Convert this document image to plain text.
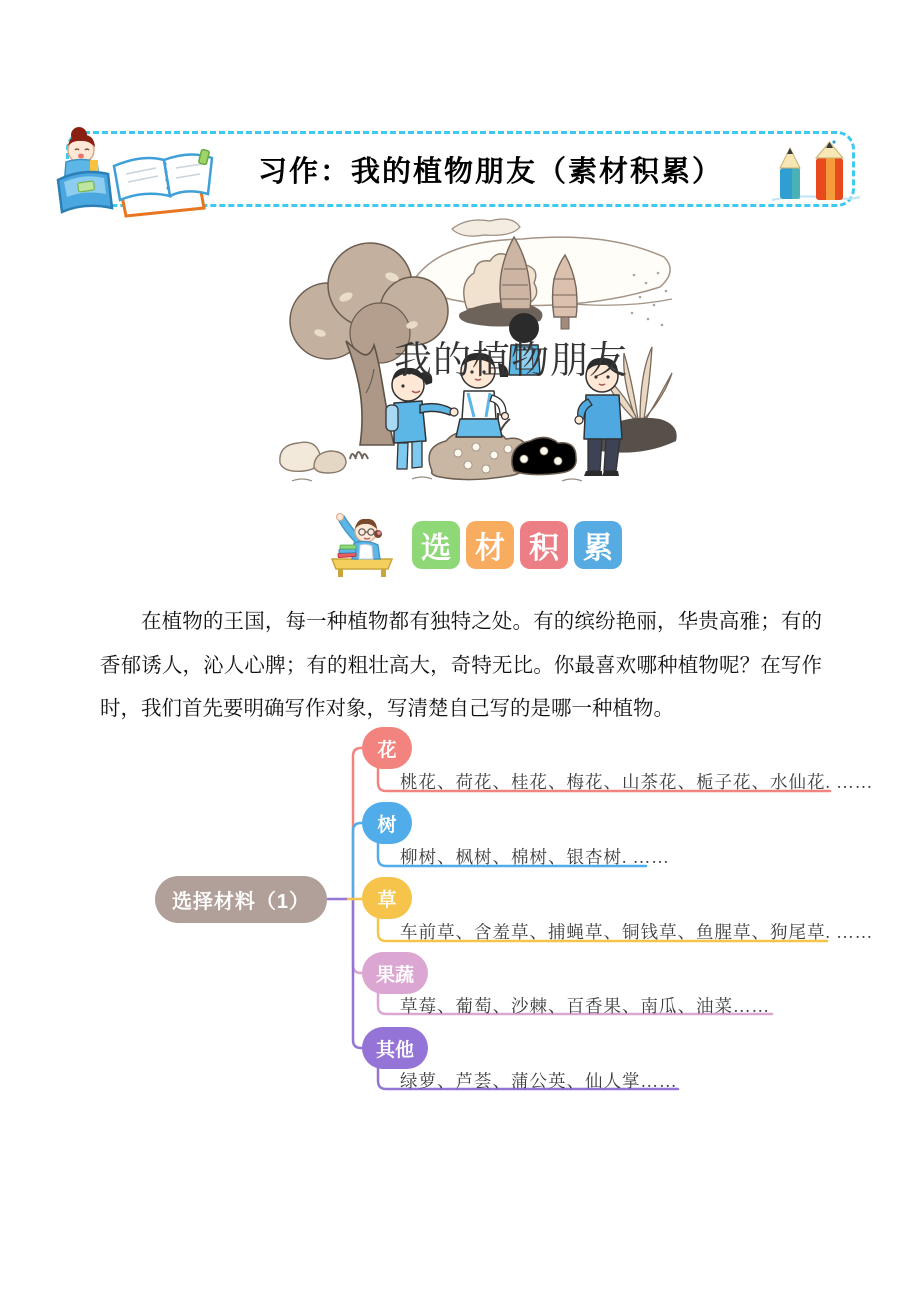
习作：我的植物朋友（素材积累）
我的植物朋友
选 材 积 累

在植物的王国，每一种植物都有独特之处。有的缤纷艳丽，华贵高雅；有的香郁诱人，沁人心脾；有的粗壮高大，奇特无比。你最喜欢哪种植物呢？在写作时，我们首先要明确写作对象，写清楚自己写的是哪一种植物。

选择材料（1）
花
桃花、荷花、桂花、梅花、山茶花、栀子花、水仙花. ……
树
柳树、枫树、棉树、银杏树. ……
草
车前草、含羞草、捕蝇草、铜钱草、鱼腥草、狗尾草. ……
果蔬
草莓、葡萄、沙棘、百香果、南瓜、油菜……
其他
绿萝、芦荟、蒲公英、仙人掌……
